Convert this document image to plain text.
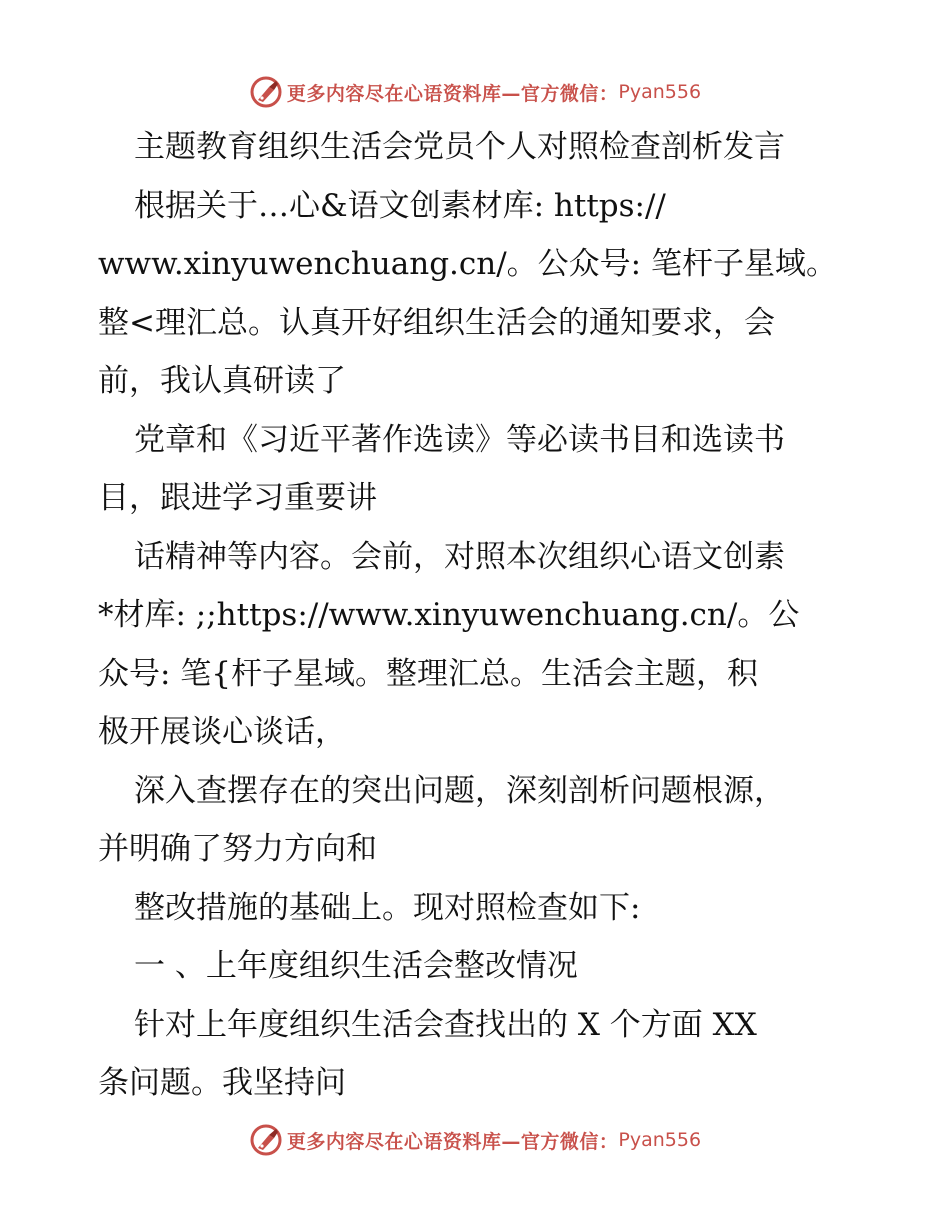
更多内容尽在心语资料库—官方微信： Pyan556
主题教育组织生活会党员个人对照检查剖析发言
根据关于…心&语文创素材库: https://
www.xinyuwenchuang.cn/。公众号: 笔杆子星域。
整<理汇总。认真开好组织生活会的通知要求，会
前，我认真研读了
党章和《习近平著作选读》等必读书目和选读书
目，跟进学习重要讲
话精神等内容。会前，对照本次组织心语文创素
*材库: ;;https://www.xinyuwenchuang.cn/。公
众号: 笔{杆子星域。整理汇总。生活会主题，积
极开展谈心谈话，
深入查摆存在的突出问题，深刻剖析问题根源，
并明确了努力方向和
整改措施的基础上。现对照检查如下:
一 、上年度组织生活会整改情况
针对上年度组织生活会查找出的 X 个方面 XX
条问题。我坚持问
更多内容尽在心语资料库—官方微信： Pyan556
